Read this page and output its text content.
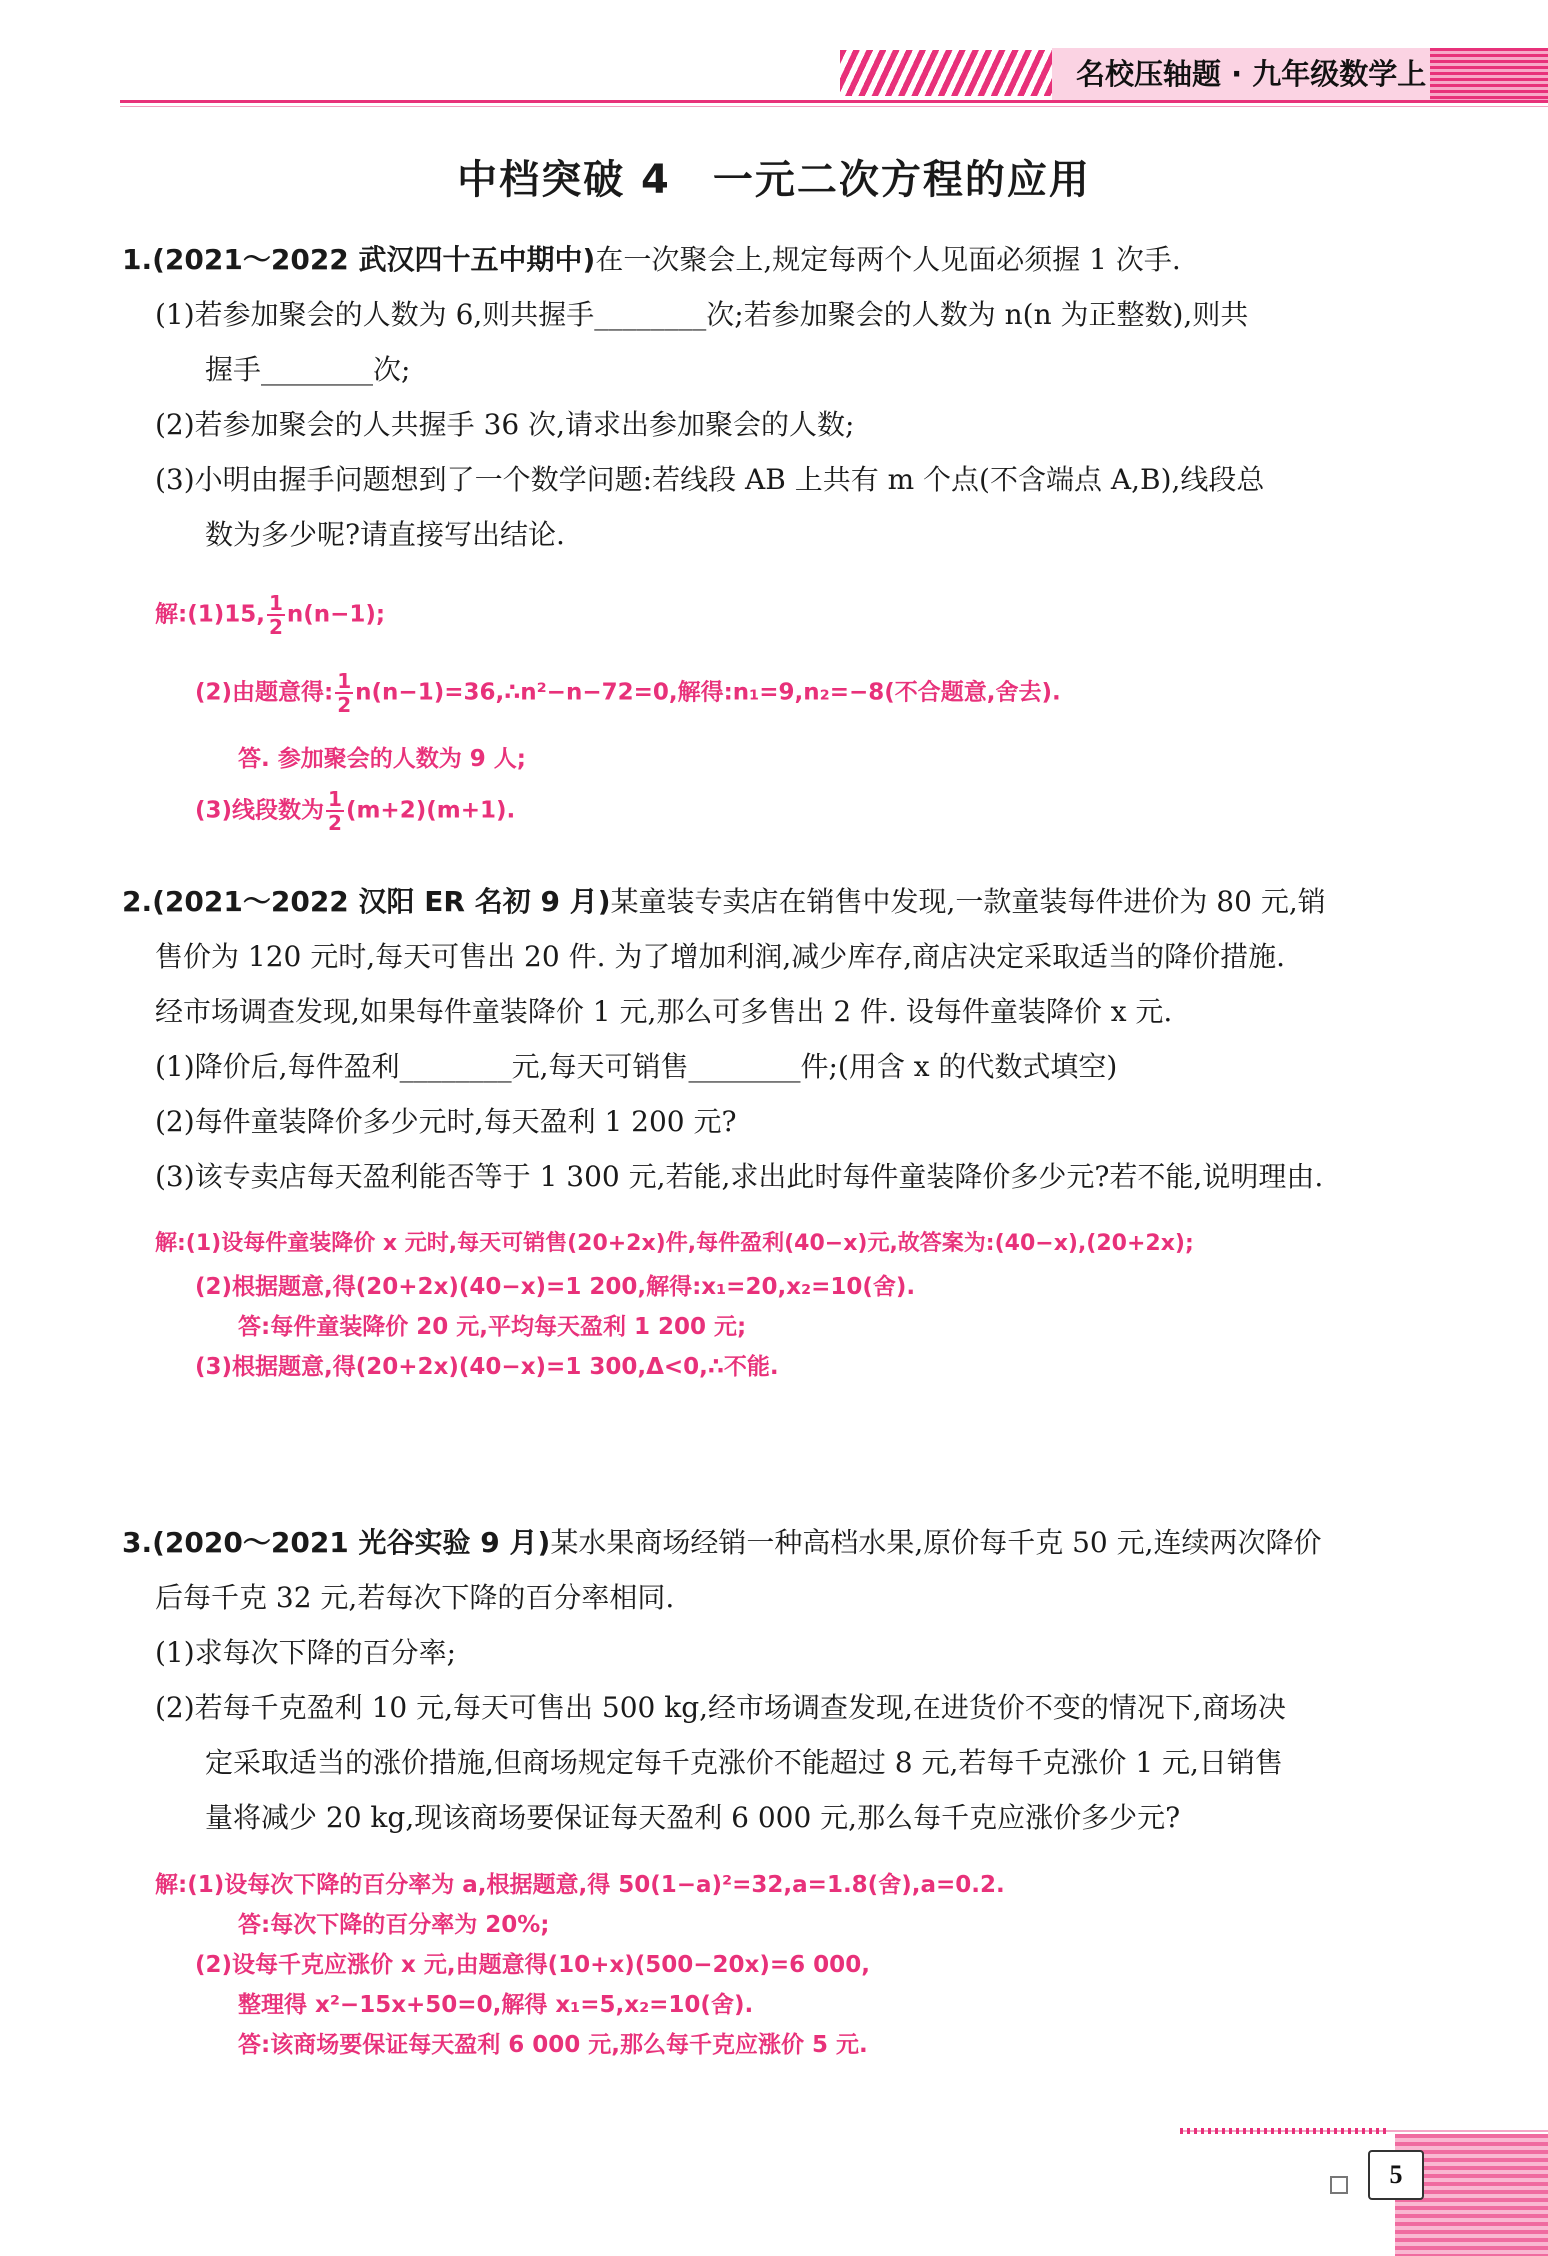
名校压轴题 · 九年级数学上
中档突破 4　一元二次方程的应用
1.(2021～2022 武汉四十五中期中)在一次聚会上,规定每两个人见面必须握 1 次手.
(1)若参加聚会的人数为 6,则共握手________次;若参加聚会的人数为 n(n 为正整数),则共
握手________次;
(2)若参加聚会的人共握手 36 次,请求出参加聚会的人数;
(3)小明由握手问题想到了一个数学问题:若线段 AB 上共有 m 个点(不含端点 A,B),线段总
数为多少呢?请直接写出结论.
解:(1)15, $\frac{1}{2} n(n-1)$;
(2)由题意得: $\frac{1}{2}$ n(n−1)=36,∴n²−n−72=0,解得:n₁=9,n₂=−8(不合题意,舍去).
答. 参加聚会的人数为 9 人;
(3)线段数为 $\frac{1}{2} (m+2)(m+1)$.
2.(2021～2022 汉阳 ER 名初 9 月)某童装专卖店在销售中发现,一款童装每件进价为 80 元,销
售价为 120 元时,每天可售出 20 件. 为了增加利润,减少库存,商店决定采取适当的降价措施.
经市场调查发现,如果每件童装降价 1 元,那么可多售出 2 件. 设每件童装降价 x 元.
(1)降价后,每件盈利________元,每天可销售________件;(用含 x 的代数式填空)
(2)每件童装降价多少元时,每天盈利 1 200 元?
(3)该专卖店每天盈利能否等于 1 300 元,若能,求出此时每件童装降价多少元?若不能,说明理由.
解:(1)设每件童装降价 x 元时,每天可销售(20+2x)件,每件盈利(40−x)元,故答案为:(40−x),(20+2x);
(2)根据题意,得(20+2x)(40−x)=1 200,解得:x₁=20,x₂=10(舍).
答:每件童装降价 20 元,平均每天盈利 1 200 元;
(3)根据题意,得(20+2x)(40−x)=1 300,Δ<0,∴不能.
3.(2020～2021 光谷实验 9 月)某水果商场经销一种高档水果,原价每千克 50 元,连续两次降价
后每千克 32 元,若每次下降的百分率相同.
(1)求每次下降的百分率;
(2)若每千克盈利 10 元,每天可售出 500 kg,经市场调查发现,在进货价不变的情况下,商场决
定采取适当的涨价措施,但商场规定每千克涨价不能超过 8 元,若每千克涨价 1 元,日销售
量将减少 20 kg,现该商场要保证每天盈利 6 000 元,那么每千克应涨价多少元?
解:(1)设每次下降的百分率为 a,根据题意,得 50(1−a)²=32,a=1.8(舍),a=0.2.
答:每次下降的百分率为 20%;
(2)设每千克应涨价 x 元,由题意得(10+x)(500−20x)=6 000,
整理得 x²−15x+50=0,解得 x₁=5,x₂=10(舍).
答:该商场要保证每天盈利 6 000 元,那么每千克应涨价 5 元.
5
